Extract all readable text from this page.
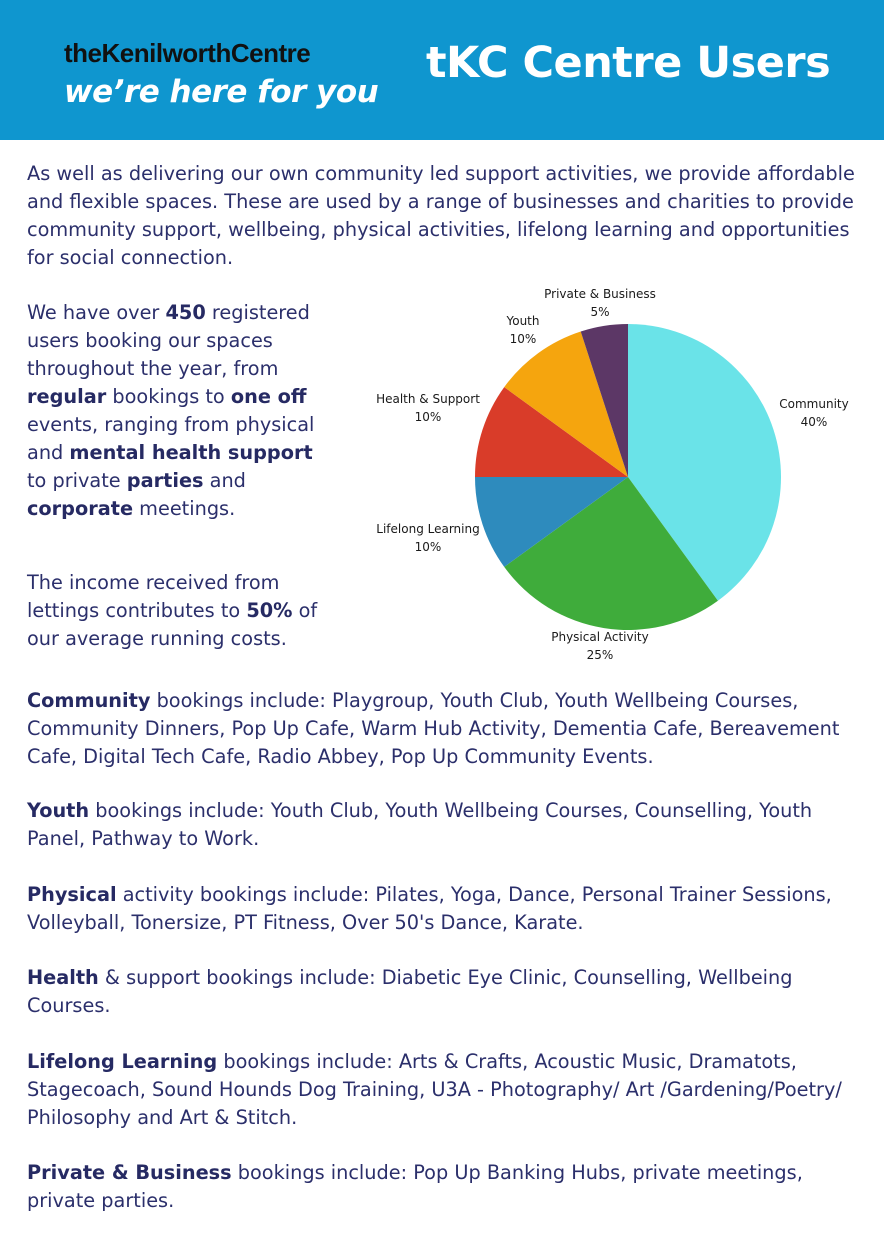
theKenilworthCentre
we’re here for you
tKC Centre Users

As well as delivering our own community led support activities, we provide affordable and flexible spaces. These are used by a range of businesses and charities to provide community support, wellbeing, physical activities, lifelong learning and opportunities for social connection.

We have over 450 registered users booking our spaces throughout the year, from regular bookings to one off events, ranging from physical and mental health support to private parties and corporate meetings.

The income received from lettings contributes to 50% of our average running costs.

Community
40%
Physical Activity
25%
Lifelong Learning
10%
Health & Support
10%
Youth
10%
Private & Business
5%

Community bookings include: Playgroup, Youth Club, Youth Wellbeing Courses, Community Dinners, Pop Up Cafe, Warm Hub Activity, Dementia Cafe, Bereavement Cafe, Digital Tech Cafe, Radio Abbey, Pop Up Community Events.

Youth bookings include: Youth Club, Youth Wellbeing Courses, Counselling, Youth Panel, Pathway to Work.

Physical activity bookings include: Pilates, Yoga, Dance, Personal Trainer Sessions, Volleyball, Tonersize, PT Fitness, Over 50's Dance, Karate.

Health & support bookings include: Diabetic Eye Clinic, Counselling, Wellbeing Courses.

Lifelong Learning bookings include: Arts & Crafts, Acoustic Music, Dramatots, Stagecoach, Sound Hounds Dog Training, U3A - Photography/ Art /Gardening/Poetry/ Philosophy and Art & Stitch.

Private & Business bookings include: Pop Up Banking Hubs, private meetings, private parties.
